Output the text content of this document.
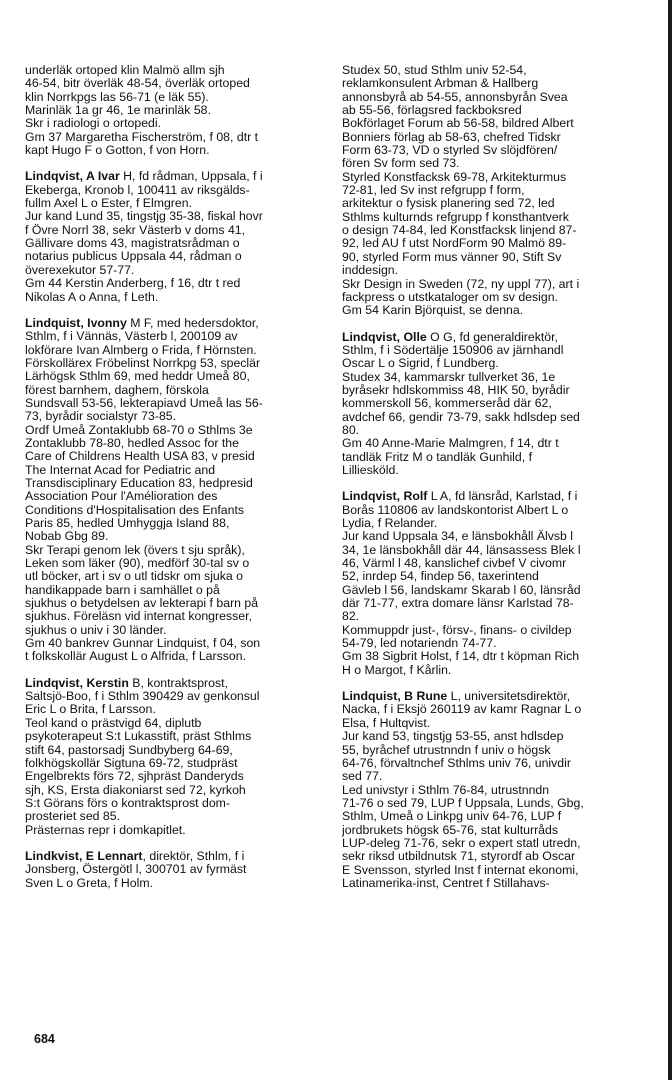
underläk ortoped klin Malmö allm sjh
46-54, bitr överläk 48-54, överläk ortoped
klin Norrkpgs las 56-71 (e läk 55).
Marinläk 1a gr 46, 1e marinläk 58.
Skr i radiologi o ortopedi.
Gm 37 Margaretha Fischerström, f 08, dtr t
kapt Hugo F o Gotton, f von Horn.
Lindqvist, A Ivar H, fd rådman, Uppsala, f i
Ekeberga, Kronob l, 100411 av riksgälds-
fullm Axel L o Ester, f Elmgren.
Jur kand Lund 35, tingstjg 35-38, fiskal hovr
f Övre Norrl 38, sekr Västerb v doms 41,
Gällivare doms 43, magistratsrådman o
notarius publicus Uppsala 44, rådman o
överexekutor 57-77.
Gm 44 Kerstin Anderberg, f 16, dtr t red
Nikolas A o Anna, f Leth.
Lindquist, Ivonny M F, med hedersdoktor,
Sthlm, f i Vännäs, Västerb l, 200109 av
lokförare Ivan Almberg o Frida, f Hörnsten.
Förskollärex Fröbelinst Norrkpg 53, speclär
Lärhögsk Sthlm 69, med heddr Umeå 80,
förest barnhem, daghem, förskola
Sundsvall 53-56, lekterapiavd Umeå las 56-
73, byrådir socialstyr 73-85.
Ordf Umeå Zontaklubb 68-70 o Sthlms 3e
Zontaklubb 78-80, hedled Assoc for the
Care of Childrens Health USA 83, v presid
The Internat Acad for Pediatric and
Transdisciplinary Education 83, hedpresid
Association Pour l'Amélioration des
Conditions d'Hospitalisation des Enfants
Paris 85, hedled Umhyggja Island 88,
Nobab Gbg 89.
Skr Terapi genom lek (övers t sju språk),
Leken som läker (90), medförf 30-tal sv o
utl böcker, art i sv o utl tidskr om sjuka o
handikappade barn i samhället o på
sjukhus o betydelsen av lekterapi f barn på
sjukhus. Föreläsn vid internat kongresser,
sjukhus o univ i 30 länder.
Gm 40 bankrev Gunnar Lindquist, f 04, son
t folkskollär August L o Alfrida, f Larsson.
Lindqvist, Kerstin B, kontraktsprost,
Saltsjö-Boo, f i Sthlm 390429 av genkonsul
Eric L o Brita, f Larsson.
Teol kand o prästvigd 64, diplutb
psykoterapeut S:t Lukasstift, präst Sthlms
stift 64, pastorsadj Sundbyberg 64-69,
folkhögskollär Sigtuna 69-72, studpräst
Engelbrekts förs 72, sjhpräst Danderyds
sjh, KS, Ersta diakoniarst sed 72, kyrkoh
S:t Görans förs o kontraktsprost dom-
prosteriet sed 85.
Prästernas repr i domkapitlet.
Lindkvist, E Lennart, direktör, Sthlm, f i
Jonsberg, Östergötl l, 300701 av fyrmäst
Sven L o Greta, f Holm.
Studex 50, stud Sthlm univ 52-54,
reklamkonsulent Arbman & Hallberg
annonsbyrå ab 54-55, annonsbyrån Svea
ab 55-56, förlagsred fackboksred
Bokförlaget Forum ab 56-58, bildred Albert
Bonniers förlag ab 58-63, chefred Tidskr
Form 63-73, VD o styrled Sv slöjdfören/
fören Sv form sed 73.
Styrled Konstfacksk 69-78, Arkitekturmus
72-81, led Sv inst refgrupp f form,
arkitektur o fysisk planering sed 72, led
Sthlms kulturnds refgrupp f konsthantverk
o design 74-84, led Konstfacksk linjend 87-
92, led AU f utst NordForm 90 Malmö 89-
90, styrled Form mus vänner 90, Stift Sv
inddesign.
Skr Design in Sweden (72, ny uppl 77), art i
fackpress o utstkataloger om sv design.
Gm 54 Karin Björquist, se denna.
Lindqvist, Olle O G, fd generaldirektör,
Sthlm, f i Södertälje 150906 av järnhandl
Oscar L o Sigrid, f Lundberg.
Studex 34, kammarskr tullverket 36, 1e
byråsekr hdlskommiss 48, HIK 50, byrådir
kommerskoll 56, kommerseråd där 62,
avdchef 66, gendir 73-79, sakk hdlsdep sed
80.
Gm 40 Anne-Marie Malmgren, f 14, dtr t
tandläk Fritz M o tandläk Gunhild, f
Lilliesköld.
Lindqvist, Rolf L A, fd länsråd, Karlstad, f i
Borås 110806 av landskontorist Albert L o
Lydia, f Relander.
Jur kand Uppsala 34, e länsbokhåll Älvsb l
34, 1e länsbokhåll där 44, länsassess Blek l
46, Värml l 48, kanslichef civbef V civomr
52, inrdep 54, findep 56, taxerintend
Gävleb l 56, landskamr Skarab l 60, länsråd
där 71-77, extra domare länsr Karlstad 78-
82.
Kommuppdr just-, försv-, finans- o civildep
54-79, led notariendn 74-77.
Gm 38 Sigbrit Holst, f 14, dtr t köpman Rich
H o Margot, f Kårlin.
Lindquist, B Rune L, universitetsdirektör,
Nacka, f i Eksjö 260119 av kamr Ragnar L o
Elsa, f Hultqvist.
Jur kand 53, tingstjg 53-55, anst hdlsdep
55, byråchef utrustnndn f univ o högsk
64-76, förvaltnchef Sthlms univ 76, univdir
sed 77.
Led univstyr i Sthlm 76-84, utrustnndn
71-76 o sed 79, LUP f Uppsala, Lunds, Gbg,
Sthlm, Umeå o Linkpg univ 64-76, LUP f
jordbrukets högsk 65-76, stat kulturråds
LUP-deleg 71-76, sekr o expert statl utredn,
sekr riksd utbildnutsk 71, styrordf ab Oscar
E Svensson, styrled Inst f internat ekonomi,
Latinamerika-inst, Centret f Stillahavs-
684
